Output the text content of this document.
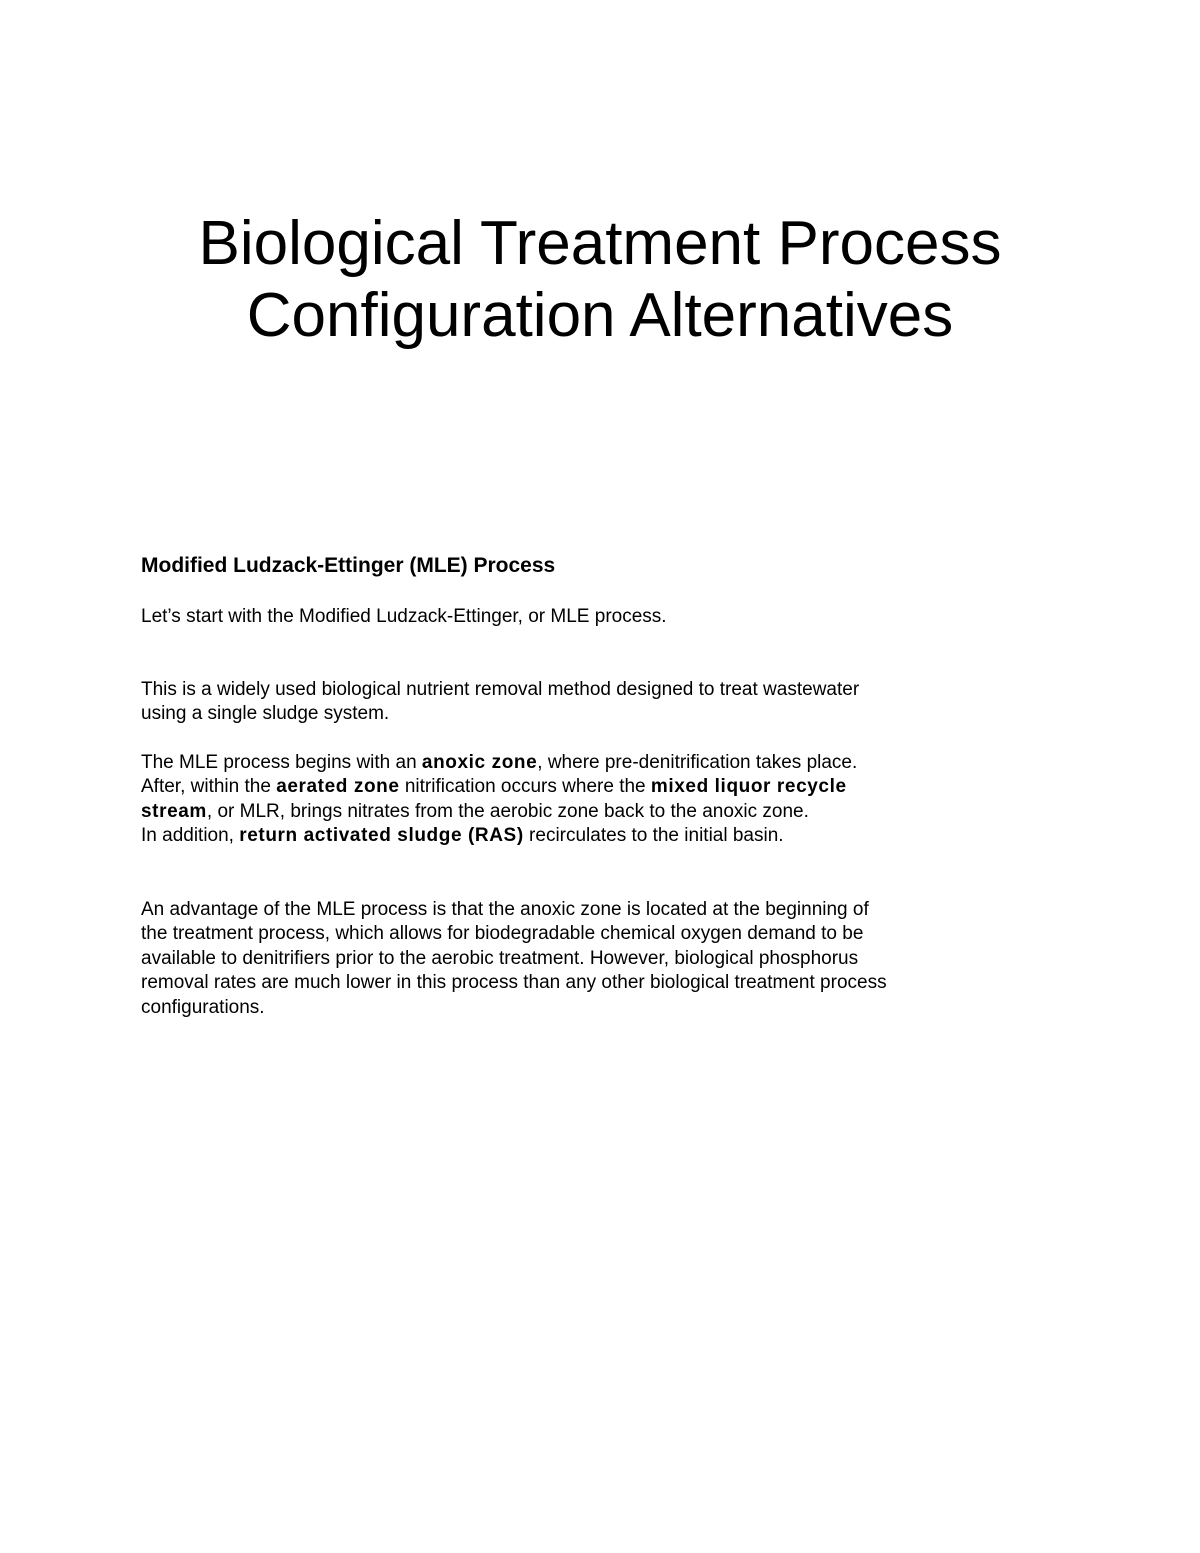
Biological Treatment Process
Configuration Alternatives
Modified Ludzack-Ettinger (MLE) Process

Let’s start with the Modified Ludzack-Ettinger, or MLE process.

This is a widely used biological nutrient removal method designed to treat wastewater
using a single sludge system.

The MLE process begins with an anoxic zone, where pre-denitrification takes place.
After, within the aerated zone nitrification occurs where the mixed liquor recycle
stream, or MLR, brings nitrates from the aerobic zone back to the anoxic zone.
In addition, return activated sludge (RAS) recirculates to the initial basin.

An advantage of the MLE process is that the anoxic zone is located at the beginning of
the treatment process, which allows for biodegradable chemical oxygen demand to be
available to denitrifiers prior to the aerobic treatment. However, biological phosphorus
removal rates are much lower in this process than any other biological treatment process
configurations.
